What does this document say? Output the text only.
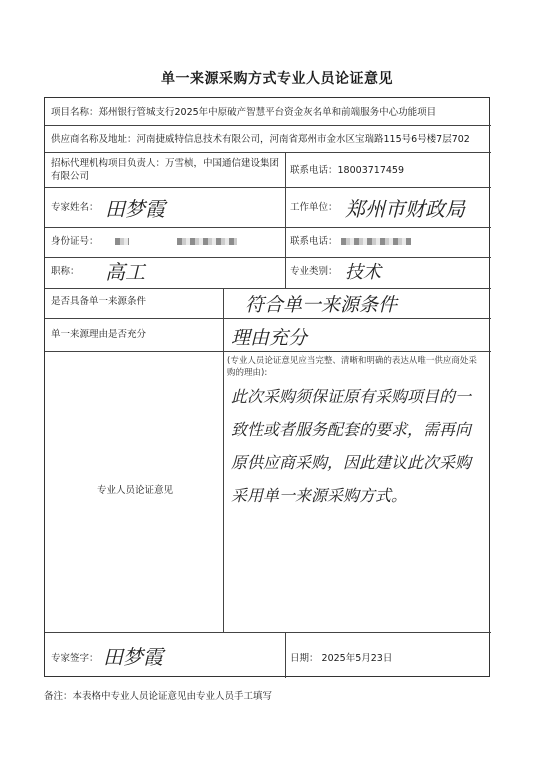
单一来源采购方式专业人员论证意见
项目名称：郑州银行管城支行2025年中原破产智慧平台资金灰名单和前端服务中心功能项目
供应商名称及地址：河南捷威特信息技术有限公司，河南省郑州市金水区宝瑞路115号6号楼7层702
招标代理机构项目负责人：万雪桢，中国通信建设集团有限公司
联系电话：18003717459
专家姓名： 田梦霞	工作单位： 郑州市财政局
身份证号：	联系电话：
职称： 高工	专业类别： 技术
是否具备单一来源条件	符合单一来源条件
单一来源理由是否充分	理由充分
专业人员论证意见
(专业人员论证意见应当完整、清晰和明确的表达从唯一供应商处采购的理由):
此次采购须保证原有采购项目的一致性或者服务配套的要求，需再向原供应商采购，因此建议此次采购采用单一来源采购方式。
专家签字： 田梦霞	日期： 2025年5月23日
备注：本表格中专业人员论证意见由专业人员手工填写
